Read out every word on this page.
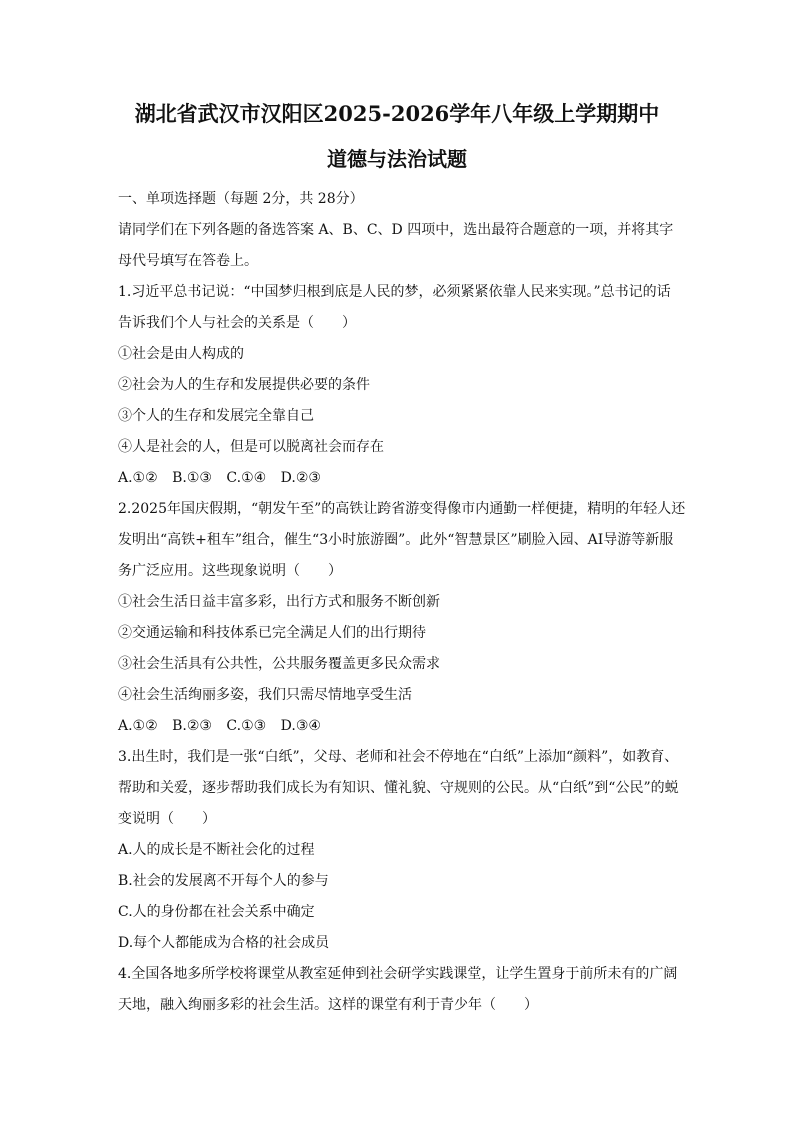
湖北省武汉市汉阳区2025-2026学年八年级上学期期中
道德与法治试题
一、单项选择题（每题 2分，共 28分）
请同学们在下列各题的备选答案 A、B、C、D 四项中，选出最符合题意的一项，并将其字
母代号填写在答卷上。
1.习近平总书记说：“中国梦归根到底是人民的梦，必须紧紧依靠人民来实现。”总书记的话
告诉我们个人与社会的关系是（　　）
①社会是由人构成的
②社会为人的生存和发展提供必要的条件
③个人的生存和发展完全靠自己
④人是社会的人，但是可以脱离社会而存在
A.①② B.①③ C.①④ D.②③
2.2025年国庆假期，“朝发午至”的高铁让跨省游变得像市内通勤一样便捷，精明的年轻人还
发明出“高铁+租车”组合，催生“3小时旅游圈”。此外“智慧景区”刷脸入园、AI导游等新服
务广泛应用。这些现象说明（　　）
①社会生活日益丰富多彩，出行方式和服务不断创新
②交通运输和科技体系已完全满足人们的出行期待
③社会生活具有公共性，公共服务覆盖更多民众需求
④社会生活绚丽多姿，我们只需尽情地享受生活
A.①② B.②③ C.①③ D.③④
3.出生时，我们是一张“白纸”，父母、老师和社会不停地在“白纸”上添加“颜料”，如教育、
帮助和关爱，逐步帮助我们成长为有知识、懂礼貌、守规则的公民。从“白纸”到“公民”的蜕
变说明（　　）
A.人的成长是不断社会化的过程
B.社会的发展离不开每个人的参与
C.人的身份都在社会关系中确定
D.每个人都能成为合格的社会成员
4.全国各地多所学校将课堂从教室延伸到社会研学实践课堂，让学生置身于前所未有的广阔
天地，融入绚丽多彩的社会生活。这样的课堂有利于青少年（　　）
